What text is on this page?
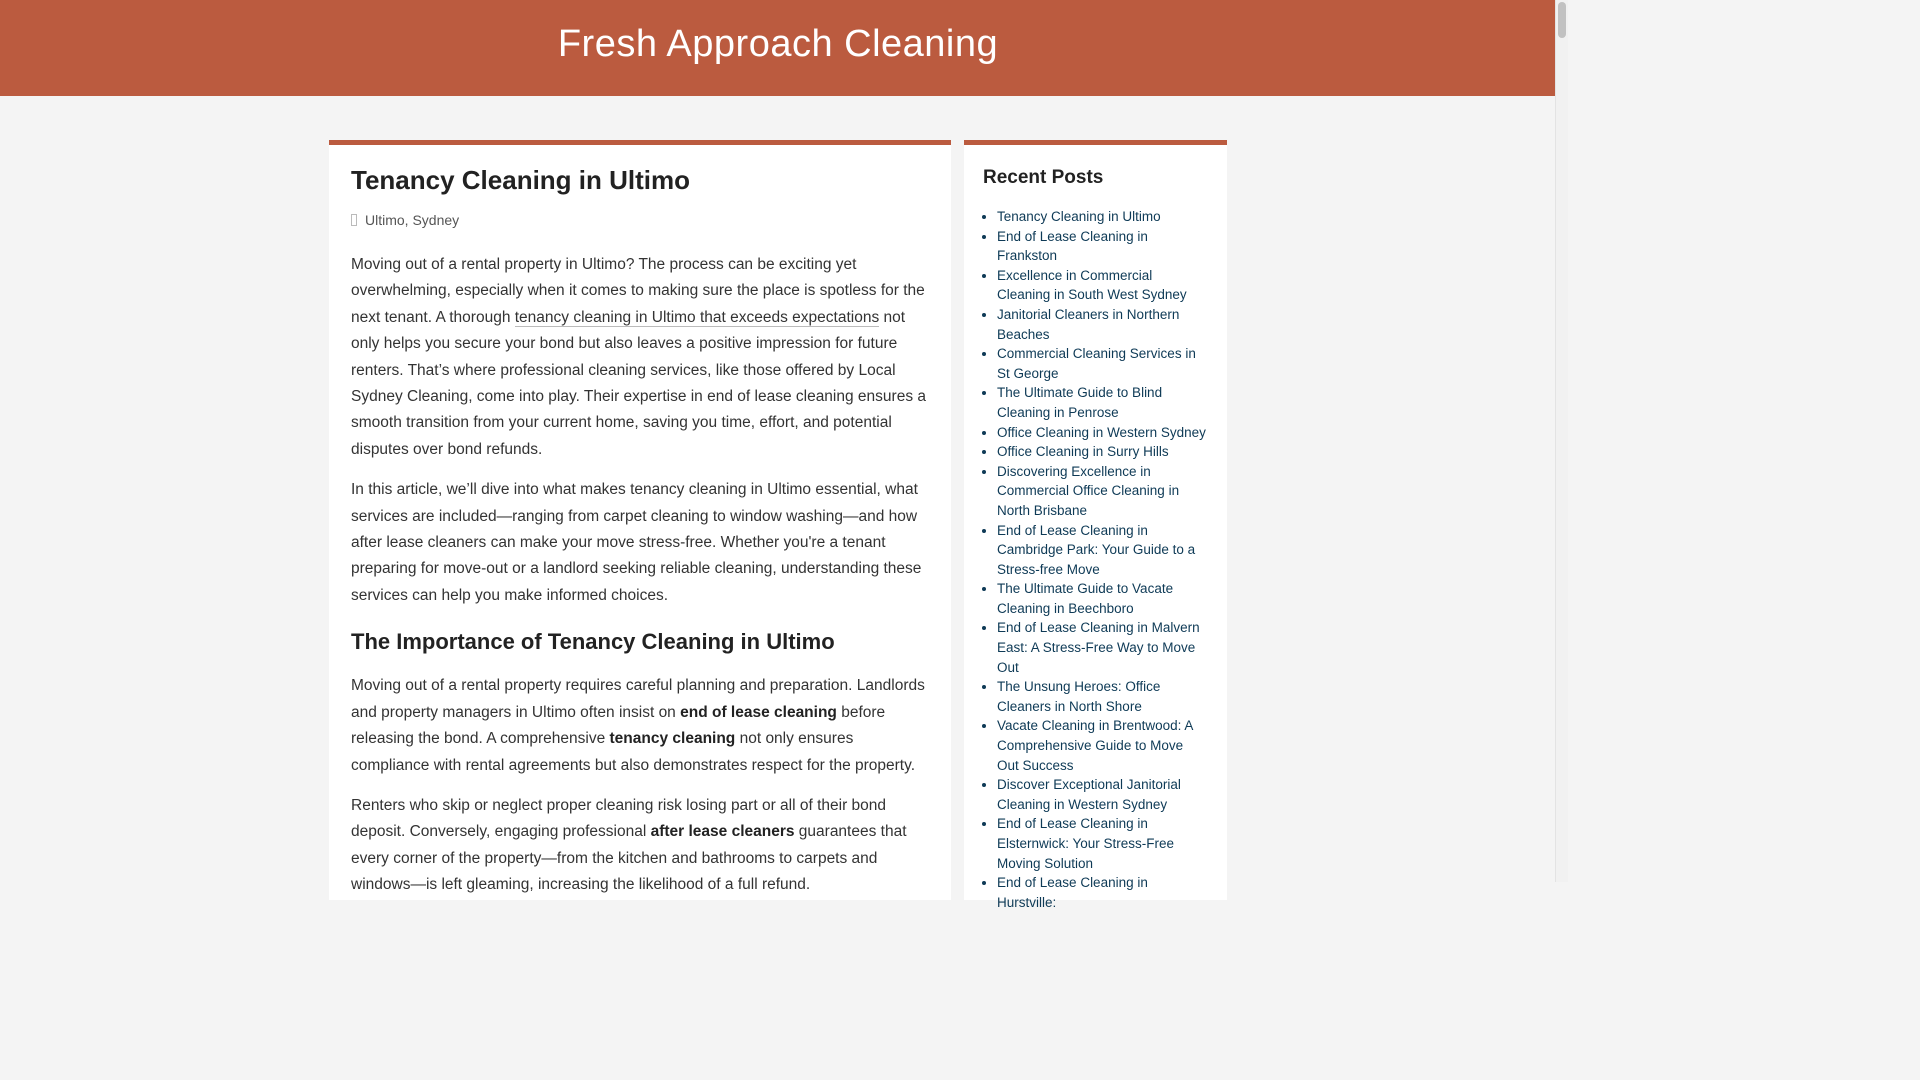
Fresh Approach Cleaning
Tenancy Cleaning in Ultimo
Ultimo, Sydney

Moving out of a rental property in Ultimo? The process can be exciting yet overwhelming, especially when it comes to making sure the place is spotless for the next tenant. A thorough tenancy cleaning in Ultimo that exceeds expectations not only helps you secure your bond but also leaves a positive impression for future renters. That’s where professional cleaning services, like those offered by Local Sydney Cleaning, come into play. Their expertise in end of lease cleaning ensures a smooth transition from your current home, saving you time, effort, and potential disputes over bond refunds.

In this article, we’ll dive into what makes tenancy cleaning in Ultimo essential, what services are included—ranging from carpet cleaning to window washing—and how after lease cleaners can make your move stress-free. Whether you're a tenant preparing for move-out or a landlord seeking reliable cleaning, understanding these services can help you make informed choices.

The Importance of Tenancy Cleaning in Ultimo

Moving out of a rental property requires careful planning and preparation. Landlords and property managers in Ultimo often insist on end of lease cleaning before releasing the bond. A comprehensive tenancy cleaning not only ensures compliance with rental agreements but also demonstrates respect for the property.

Renters who skip or neglect proper cleaning risk losing part or all of their bond deposit. Conversely, engaging professional after lease cleaners guarantees that every corner of the property—from the kitchen and bathrooms to carpets and windows—is left gleaming, increasing the likelihood of a full refund.

Recent Posts
• Tenancy Cleaning in Ultimo
• End of Lease Cleaning in Frankston
• Excellence in Commercial Cleaning in South West Sydney
• Janitorial Cleaners in Northern Beaches
• Commercial Cleaning Services in St George
• The Ultimate Guide to Blind Cleaning in Penrose
• Office Cleaning in Western Sydney
• Office Cleaning in Surry Hills
• Discovering Excellence in Commercial Office Cleaning in North Brisbane
• End of Lease Cleaning in Cambridge Park: Your Guide to a Stress-free Move
• The Ultimate Guide to Vacate Cleaning in Beechboro
• End of Lease Cleaning in Malvern East: A Stress-Free Way to Move Out
• The Unsung Heroes: Office Cleaners in North Shore
• Vacate Cleaning in Brentwood: A Comprehensive Guide to Move Out Success
• Discover Exceptional Janitorial Cleaning in Western Sydney
• End of Lease Cleaning in Elsternwick: Your Stress-Free Moving Solution
• End of Lease Cleaning in Hurstville:
